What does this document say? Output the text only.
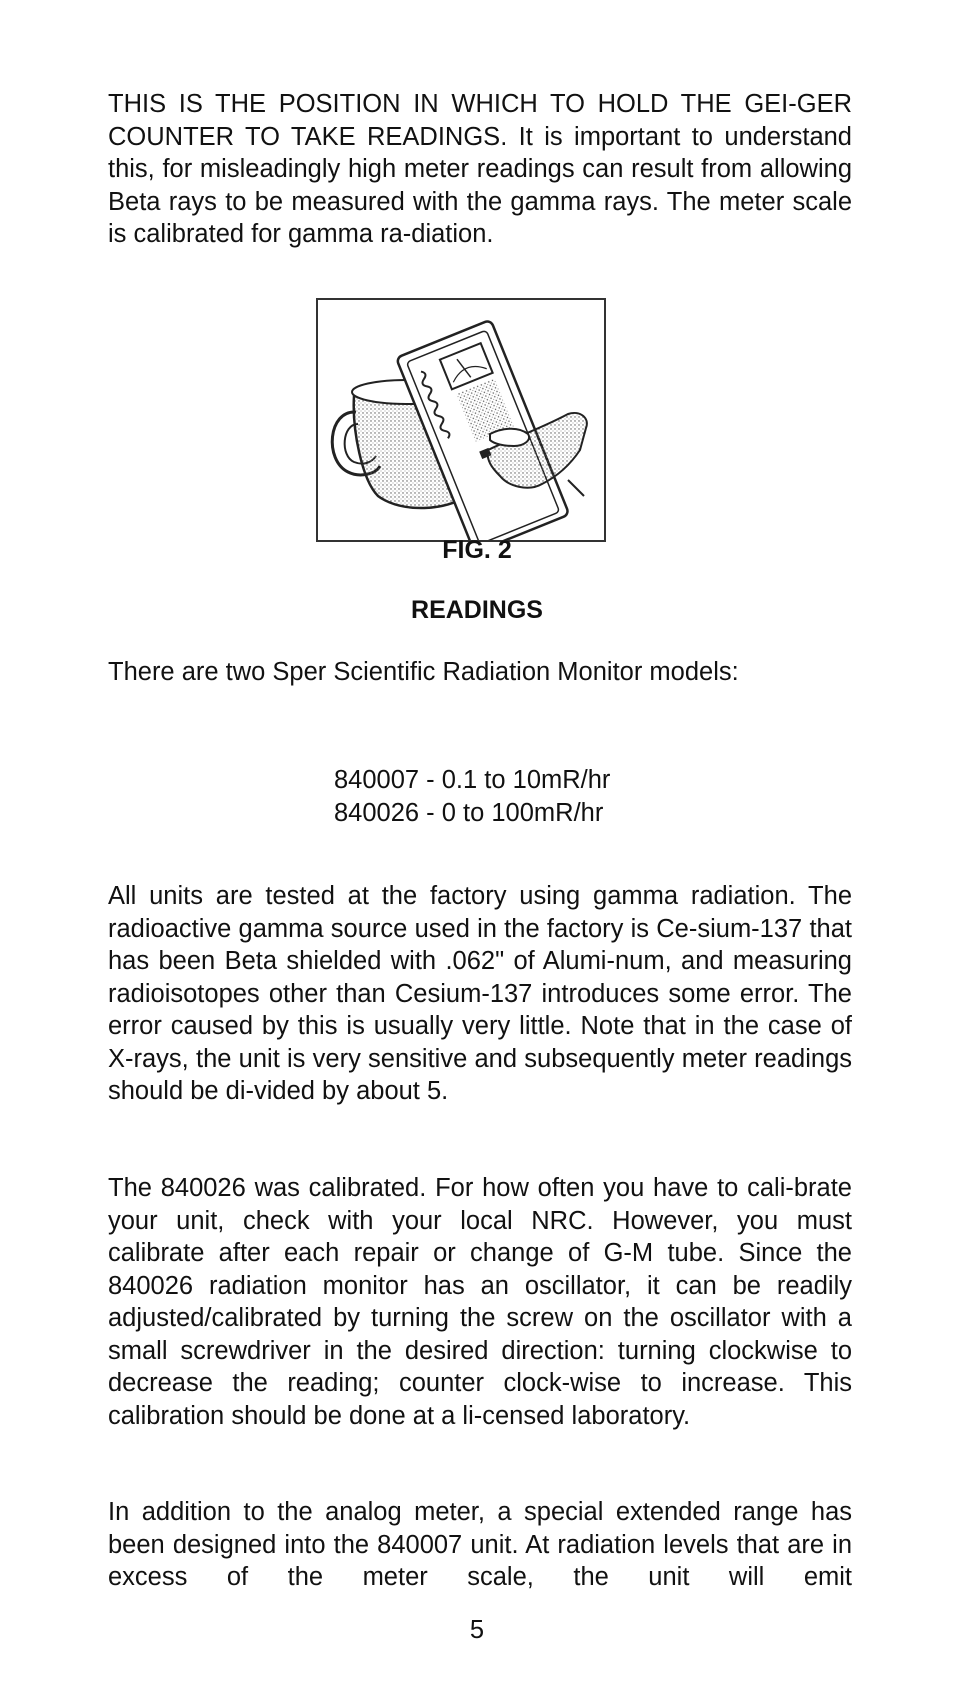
THIS IS THE POSITION IN WHICH TO HOLD THE GEI-GER COUNTER TO TAKE READINGS. It is important to understand this, for misleadingly high meter readings can result from allowing Beta rays to be measured with the gamma rays. The meter scale is calibrated for gamma ra-diation.

FIG. 2
READINGS

There are two Sper Scientific Radiation Monitor models:

840007 - 0.1 to 10mR/hr
840026 - 0 to 100mR/hr

All units are tested at the factory using gamma radiation. The radioactive gamma source used in the factory is Ce-sium-137 that has been Beta shielded with .062" of Alumi-num, and measuring radioisotopes other than Cesium-137 introduces some error. The error caused by this is usually very little. Note that in the case of X-rays, the unit is very sensitive and subsequently meter readings should be di-vided by about 5.

The 840026 was calibrated. For how often you have to cali-brate your unit, check with your local NRC. However, you must calibrate after each repair or change of G-M tube. Since the 840026 radiation monitor has an oscillator, it can be readily adjusted/calibrated by turning the screw on the oscillator with a small screwdriver in the desired direction: turning clockwise to decrease the reading; counter clock-wise to increase. This calibration should be done at a li-censed laboratory.

In addition to the analog meter, a special extended range has been designed into the 840007 unit. At radiation levels that are in excess of the meter scale, the unit will emit

5
